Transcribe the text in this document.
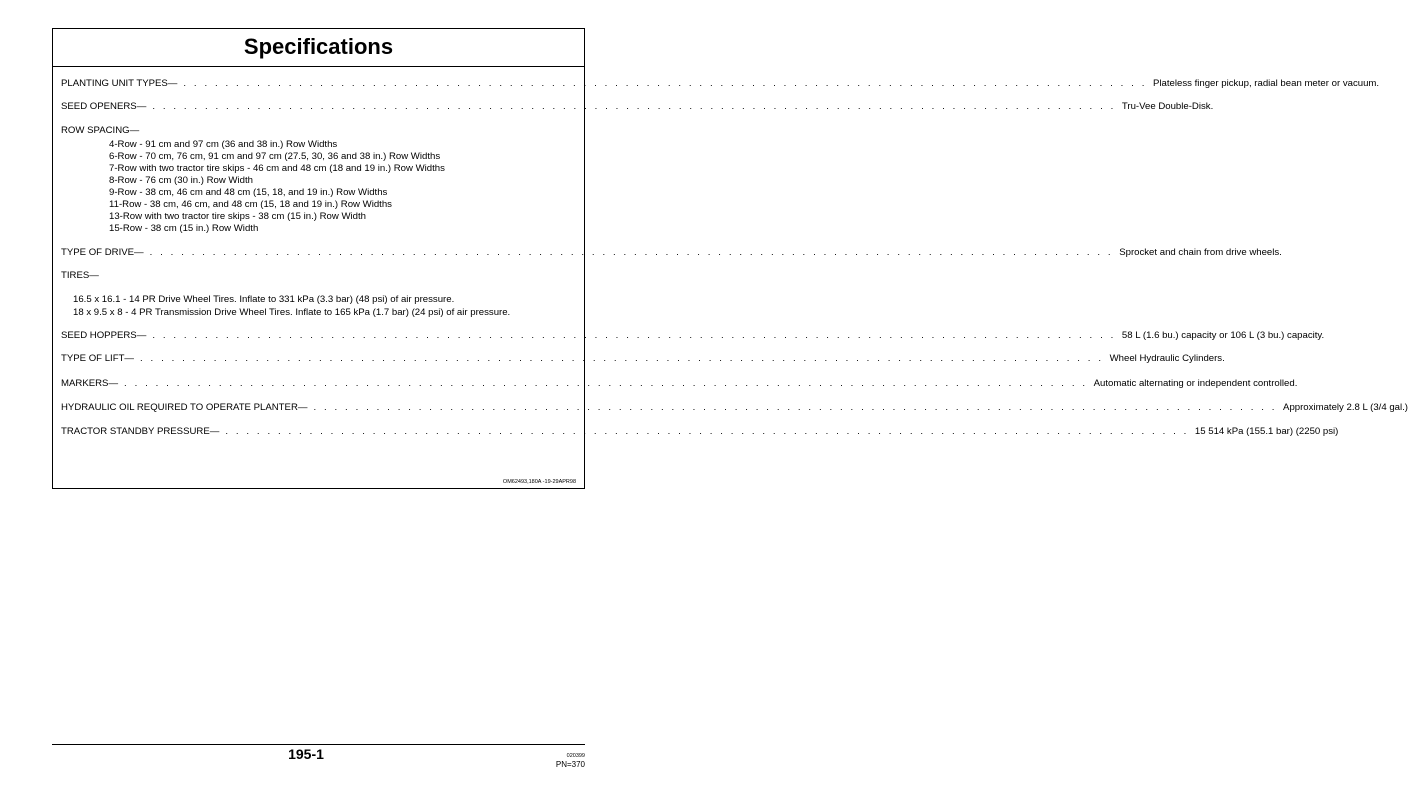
Specifications
PLANTING UNIT TYPES— . . . . . . . . . . . . . . . . . . . . . . . . . . . . . . . . . . . . . . . . . . . . . . . . . . . . . . . . . . . . . . . . . . . . . . . . . . . . . . . . . . . . . . . . . . . . Plateless finger pickup, radial bean meter or vacuum.
SEED OPENERS— . . . . . . . . . . . . . . . . . . . . . . . . . . . . . . . . . . . . . . . . . . . . . . . . . . . . . . . . . . . . . . . . . . . . . . . . . . . . . . . . . . . . . . . . . . . . Tru-Vee Double-Disk.
ROW SPACING—
4-Row - 91 cm and 97 cm (36 and 38 in.) Row Widths
6-Row - 70 cm, 76 cm, 91 cm and 97 cm (27.5, 30, 36 and 38 in.) Row Widths
7-Row with two tractor tire skips - 46 cm and 48 cm (18 and 19 in.) Row Widths
8-Row - 76 cm (30 in.) Row Width
9-Row - 38 cm, 46 cm and 48 cm (15, 18, and 19 in.) Row Widths
11-Row - 38 cm, 46 cm, and 48 cm (15, 18 and 19 in.) Row Widths
13-Row with two tractor tire skips - 38 cm (15 in.) Row Width
15-Row - 38 cm (15 in.) Row Width
TYPE OF DRIVE— . . . . . . . . . . . . . . . . . . . . . . . . . . . . . . . . . . . . . . . . . . . . . . . . . . . . . . . . . . . . . . . . . . . . . . . . . . . . . . . . . . . . . . . . . . . . Sprocket and chain from drive wheels.
TIRES—
16.5 x 16.1 - 14 PR Drive Wheel Tires. Inflate to 331 kPa (3.3 bar) (48 psi) of air pressure.
18 x 9.5 x 8 - 4 PR Transmission Drive Wheel Tires. Inflate to 165 kPa (1.7 bar) (24 psi) of air pressure.
SEED HOPPERS— . . . . . . . . . . . . . . . . . . . . . . . . . . . . . . . . . . . . . . . . . . . . . . . . . . . . . . . . . . . . . . . . . . . . . . . . . . . . . . . . . . . . . . . . . . . . 58 L (1.6 bu.) capacity or 106 L (3 bu.) capacity.
TYPE OF LIFT— . . . . . . . . . . . . . . . . . . . . . . . . . . . . . . . . . . . . . . . . . . . . . . . . . . . . . . . . . . . . . . . . . . . . . . . . . . . . . . . . . . . . . . . . . . . . Wheel Hydraulic Cylinders.
MARKERS— . . . . . . . . . . . . . . . . . . . . . . . . . . . . . . . . . . . . . . . . . . . . . . . . . . . . . . . . . . . . . . . . . . . . . . . . . . . . . . . . . . . . . . . . . . . . Automatic alternating or independent controlled.
HYDRAULIC OIL REQUIRED TO OPERATE PLANTER— . . . . . . . . . . . . . . . . . . . . . . . . . . . . . . . . . . . . . . . . . . . . . . . . . . . . . . . . . . . . . . . . . . . . . . . . . . . . . . . . . . . . . . . . . . . . Approximately 2.8 L (3/4 gal.)
TRACTOR STANDBY PRESSURE— . . . . . . . . . . . . . . . . . . . . . . . . . . . . . . . . . . . . . . . . . . . . . . . . . . . . . . . . . . . . . . . . . . . . . . . . . . . . . . . . . . . . . . . . . . . . 15 514 kPa (155.1 bar) (2250 psi)
OM62493,180A -19-29APR98
195-1	020399
PN=370
